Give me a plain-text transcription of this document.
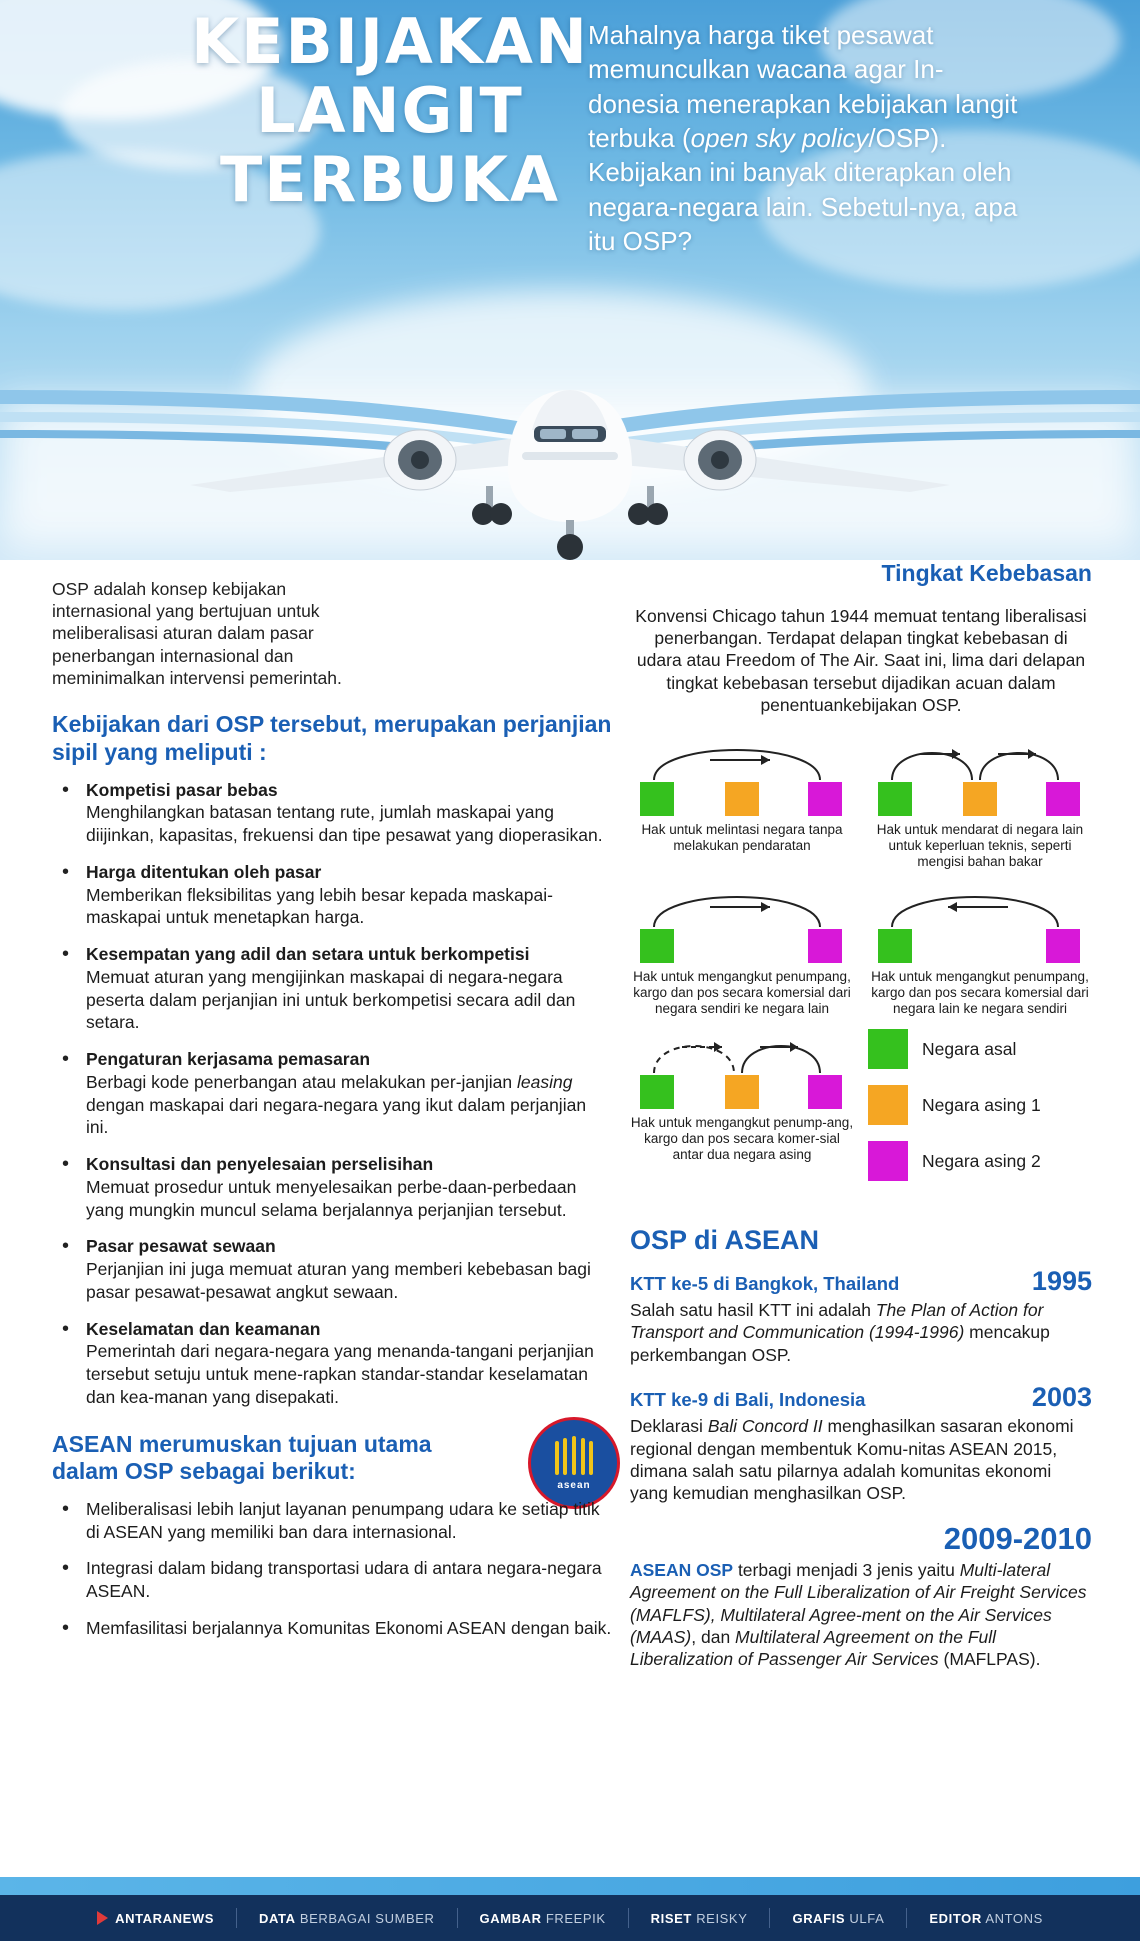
KEBIJAKAN
LANGIT
TERBUKA
Mahalnya harga tiket pesawat memunculkan wacana agar In-donesia menerapkan kebijakan langit terbuka (open sky policy/OSP). Kebijakan ini banyak diterapkan oleh negara-negara lain. Sebetul-nya, apa itu OSP?

OSP adalah konsep kebijakan internasional yang bertujuan untuk meliberalisasi aturan dalam pasar penerbangan internasional dan meminimalkan intervensi pemerintah.

Kebijakan dari OSP tersebut, merupakan perjanjian sipil yang meliputi :
• Kompetisi pasar bebas
Menghilangkan batasan tentang rute, jumlah maskapai yang diijinkan, kapasitas, frekuensi dan tipe pesawat yang dioperasikan.
• Harga ditentukan oleh pasar
Memberikan fleksibilitas yang lebih besar kepada maskapai-maskapai untuk menetapkan harga.
• Kesempatan yang adil dan setara untuk berkompetisi
Memuat aturan yang mengijinkan maskapai di negara-negara peserta dalam perjanjian ini untuk berkompetisi secara adil dan setara.
• Pengaturan kerjasama pemasaran
Berbagi kode penerbangan atau melakukan per-janjian leasing dengan maskapai dari negara-negara yang ikut dalam perjanjian ini.
• Konsultasi dan penyelesaian perselisihan
Memuat prosedur untuk menyelesaikan perbe-daan-perbedaan yang mungkin muncul selama berjalannya perjanjian tersebut.
• Pasar pesawat sewaan
Perjanjian ini juga memuat aturan yang memberi kebebasan bagi pasar pesawat-pesawat angkut sewaan.
• Keselamatan dan keamanan
Pemerintah dari negara-negara yang menanda-tangani perjanjian tersebut setuju untuk mene-rapkan standar-standar keselamatan dan kea-manan yang disepakati.
ASEAN merumuskan tujuan utama dalam OSP sebagai berikut:
asean
• Meliberalisasi lebih lanjut layanan penumpang udara ke setiap titik di ASEAN yang memiliki ban dara internasional.
• Integrasi dalam bidang transportasi udara di antara negara-negara ASEAN.
• Memfasilitasi berjalannya Komunitas Ekonomi ASEAN dengan baik.
Tingkat Kebebasan

Konvensi Chicago tahun 1944 memuat tentang liberalisasi penerbangan. Terdapat delapan tingkat kebebasan di udara atau Freedom of The Air. Saat ini, lima dari delapan tingkat kebebasan tersebut dijadikan acuan dalam penentuankebijakan OSP.

Hak untuk melintasi negara tanpa melakukan pendaratan
Hak untuk mendarat di negara lain untuk keperluan teknis, seperti mengisi bahan bakar
Hak untuk mengangkut penumpang, kargo dan pos secara komersial dari negara sendiri ke negara lain
Hak untuk mengangkut penumpang, kargo dan pos secara komersial dari negara lain ke negara sendiri
Hak untuk mengangkut penump-ang, kargo dan pos secara komer-sial antar dua negara asing
Negara asal
Negara asing 1
Negara asing 2
OSP di ASEAN
KTT ke-5 di Bangkok, Thailand	1995

Salah satu hasil KTT ini adalah The Plan of Action for Transport and Communication (1994-1996) mencakup perkembangan OSP.

KTT ke-9 di Bali, Indonesia	2003

Deklarasi Bali Concord II menghasilkan sasaran ekonomi regional dengan membentuk Komu-nitas ASEAN 2015, dimana salah satu pilarnya adalah komunitas ekonomi yang kemudian menghasilkan OSP.

2009-2010

ASEAN OSP terbagi menjadi 3 jenis yaitu Multi-lateral Agreement on the Full Liberalization of Air Freight Services (MAFLFS), Multilateral Agree-ment on the Air Services (MAAS), dan Multilateral Agreement on the Full Liberalization of Passenger Air Services (MAFLPAS).

ANTARANEWS	DATA BERBAGAI SUMBER	GAMBAR FREEPIK	RISET REISKY	GRAFIS ULFA	EDITOR ANTONS
